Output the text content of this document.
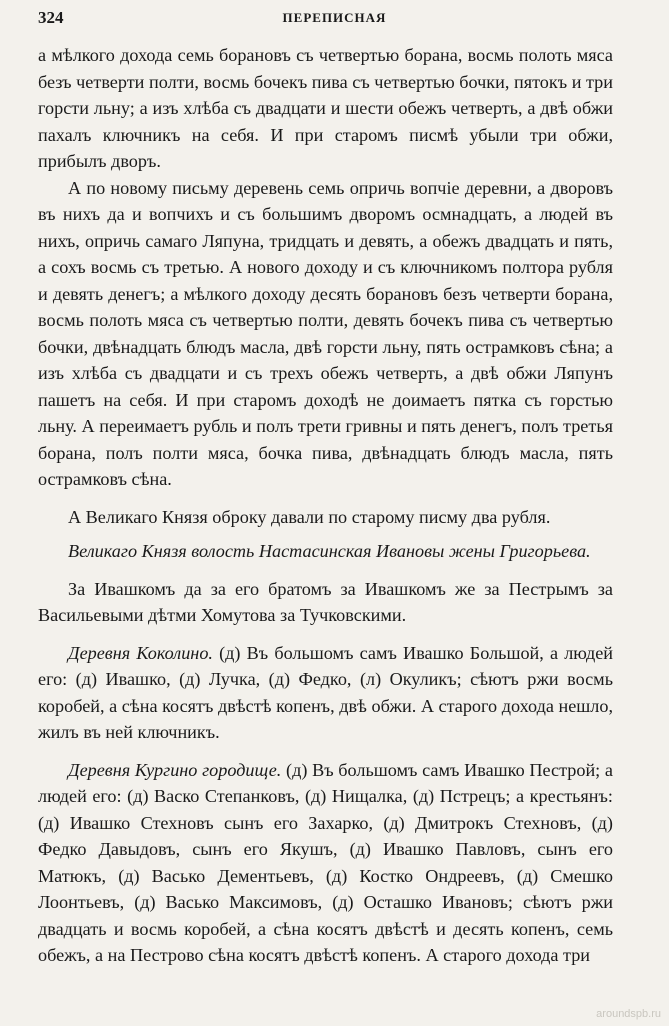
324	ПЕРЕПИСНАЯ

а мѣлкого дохода семь борановъ съ четвертью борана, восмь полоть мяса безъ четверти полти, восмь бочекъ пива съ четвертью бочки, пятокъ и три горсти льну; а изъ хлѣба съ двадцати и шести обежъ четверть, а двѣ обжи пахалъ ключникъ на себя. И при старомъ писмѣ убыли три обжи, прибылъ дворъ.

А по новому письму деревень семь опричь вопчiе деревни, а дворовъ въ нихъ да и вопчихъ и съ большимъ дворомъ осмнадцать, а людей въ нихъ, опричь самаго Ляпуна, тридцать и девять, а обежъ двадцать и пять, а сохъ восмь съ третью. А нового доходу и съ ключникомъ полтора рубля и девять денегъ; а мѣлкого доходу десять борановъ безъ четверти борана, восмь полоть мяса съ четвертью полти, девять бочекъ пива съ четвертью бочки, двѣнадцать блюдъ масла, двѣ горсти льну, пять острамковъ сѣна; а изъ хлѣба съ двадцати и съ трехъ обежъ четверть, а двѣ обжи Ляпунъ пашетъ на себя. И при старомъ доходѣ не доимаетъ пятка съ горстью льну. А переимаетъ рубль и полъ трети гривны и пять денегъ, полъ третья борана, полъ полти мяса, бочка пива, двѣнадцать блюдъ масла, пять острамковъ сѣна.

А Великаго Князя оброку давали по старому писму два рубля.

Великаго Князя волость Настасинская Ивановы жены Григорьева.

За Ивашкомъ да за его братомъ за Ивашкомъ же за Пестрымъ за Васильевыми дѣтми Хомутова за Тучковскими.

Деревня Коколино. (д) Въ большомъ самъ Ивашко Большой, а людей его: (д) Ивашко, (д) Лучка, (д) Федко, (л) Окуликъ; сѣютъ ржи восмь коробей, а сѣна косятъ двѣстѣ копенъ, двѣ обжи. А старого дохода нешло, жилъ въ ней ключникъ.

Деревня Кургино городище. (д) Въ большомъ самъ Ивашко Пестрой; а людей его: (д) Васко Степанковъ, (д) Нищалка, (д) Пстрецъ; а крестьянъ: (д) Ивашко Стехновъ сынъ его Захарко, (д) Дмитрокъ Стехновъ, (д) Федко Давыдовъ, сынъ его Якушъ, (д) Ивашко Павловъ, сынъ его Матюкъ, (д) Васько Дементьевъ, (д) Костко Ондреевъ, (д) Смешко Лоонтьевъ, (д) Васько Максимовъ, (д) Осташко Ивановъ; сѣютъ ржи двадцать и восмь коробей, а сѣна косятъ двѣстѣ и десять копенъ, семь обежъ, а на Пестрово сѣна косятъ двѣстѣ копенъ. А старого дохода три

aroundspb.ru
